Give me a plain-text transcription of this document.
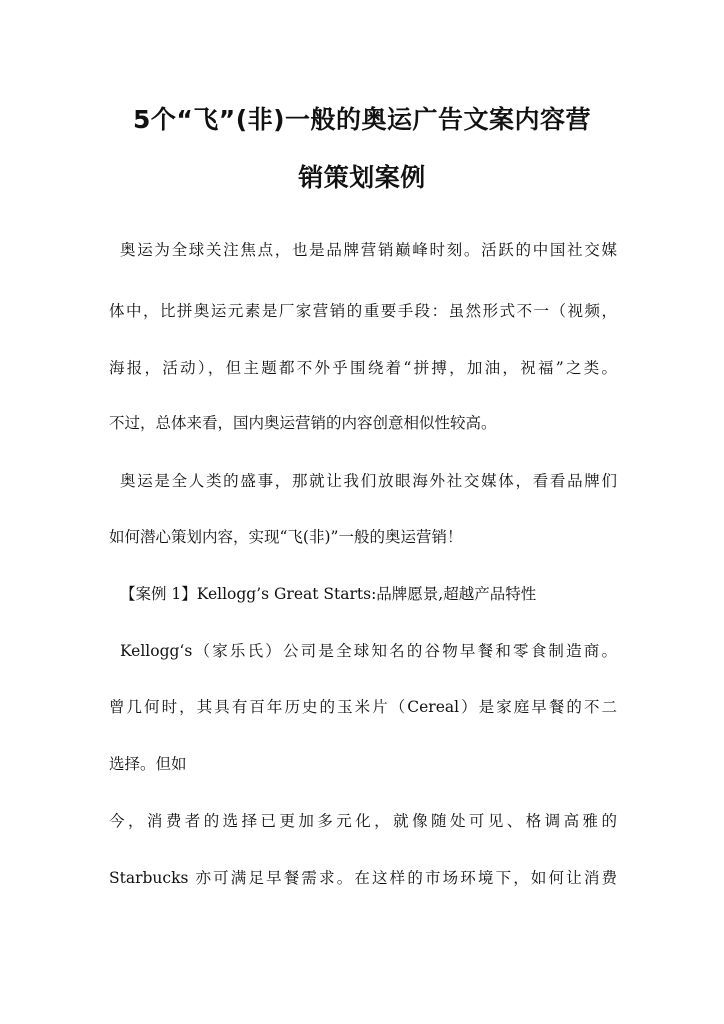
5个“飞”(非)一般的奥运广告文案内容营
销策划案例
奥运为全球关注焦点，也是品牌营销巅峰时刻。活跃的中国社交媒
体中，比拼奥运元素是厂家营销的重要手段：虽然形式不一（视频，
海报，活动），但主题都不外乎围绕着“拼搏，加油，祝福”之类。
不过，总体来看，国内奥运营销的内容创意相似性较高。
奥运是全人类的盛事，那就让我们放眼海外社交媒体，看看品牌们
如何潜心策划内容，实现“飞(非)”一般的奥运营销！
【案例 1】Kellogg’s Great Starts:品牌愿景,超越产品特性
Kellogg‘s（家乐氏）公司是全球知名的谷物早餐和零食制造商。
曾几何时，其具有百年历史的玉米片（Cereal）是家庭早餐的不二
选择。但如
今，消费者的选择已更加多元化，就像随处可见、格调高雅的
Starbucks 亦可满足早餐需求。在这样的市场环境下，如何让消费
